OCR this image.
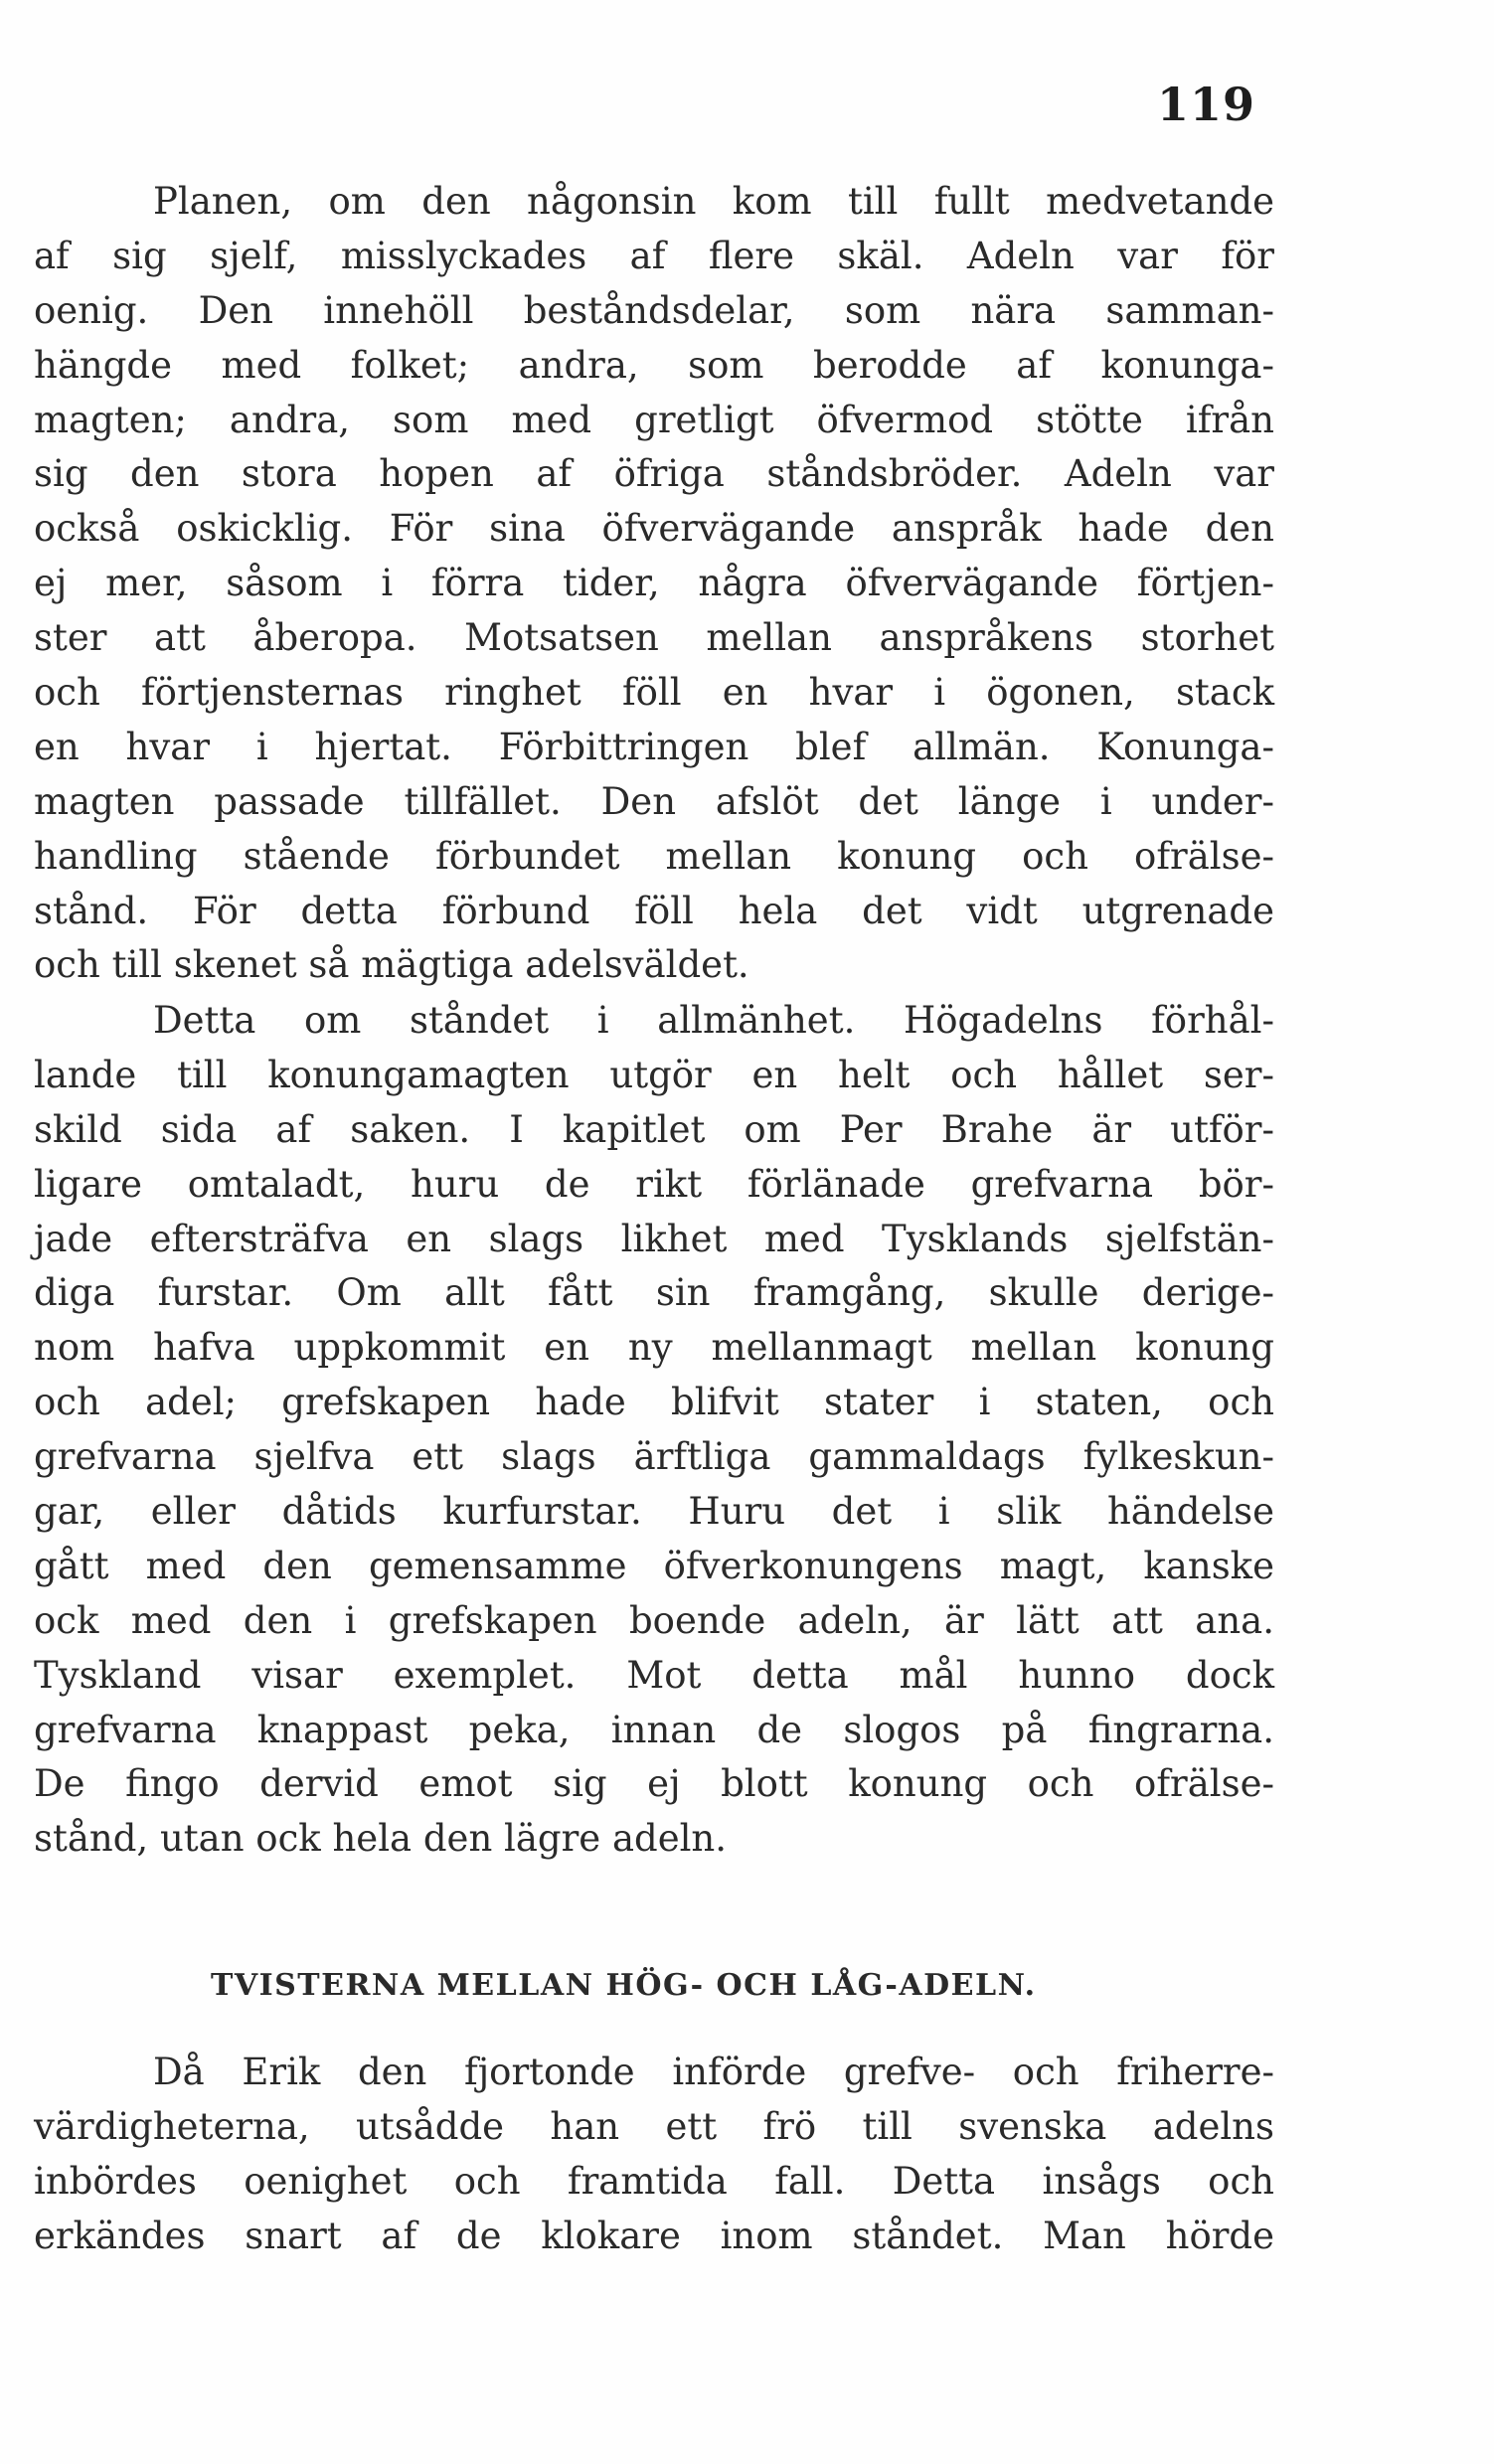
119
Planen, om den någonsin kom till fullt medvetande
af sig sjelf, misslyckades af flere skäl. Adeln var för
oenig. Den innehöll beståndsdelar, som nära samman-
hängde med folket; andra, som berodde af konunga-
magten; andra, som med gretligt öfvermod stötte ifrån
sig den stora hopen af öfriga ståndsbröder. Adeln var
också oskicklig. För sina öfvervägande anspråk hade den
ej mer, såsom i förra tider, några öfvervägande förtjen-
ster att åberopa. Motsatsen mellan anspråkens storhet
och förtjensternas ringhet föll en hvar i ögonen, stack
en hvar i hjertat. Förbittringen blef allmän. Konunga-
magten passade tillfället. Den afslöt det länge i under-
handling stående förbundet mellan konung och ofrälse-
stånd. För detta förbund föll hela det vidt utgrenade
och till skenet så mägtiga adelsväldet.
Detta om ståndet i allmänhet. Högadelns förhål-
lande till konungamagten utgör en helt och hållet ser-
skild sida af saken. I kapitlet om Per Brahe är utför-
ligare omtaladt, huru de rikt förlänade grefvarna bör-
jade eftersträfva en slags likhet med Tysklands sjelfstän-
diga furstar. Om allt fått sin framgång, skulle derige-
nom hafva uppkommit en ny mellanmagt mellan konung
och adel; grefskapen hade blifvit stater i staten, och
grefvarna sjelfva ett slags ärftliga gammaldags fylkeskun-
gar, eller dåtids kurfurstar. Huru det i slik händelse
gått med den gemensamme öfverkonungens magt, kanske
ock med den i grefskapen boende adeln, är lätt att ana.
Tyskland visar exemplet. Mot detta mål hunno dock
grefvarna knappast peka, innan de slogos på fingrarna.
De fingo dervid emot sig ej blott konung och ofrälse-
stånd, utan ock hela den lägre adeln.
TVISTERNA MELLAN HÖG- OCH LÅG-ADELN.
Då Erik den fjortonde införde grefve- och friherre-
värdigheterna, utsådde han ett frö till svenska adelns
inbördes oenighet och framtida fall. Detta insågs och
erkändes snart af de klokare inom ståndet. Man hörde
